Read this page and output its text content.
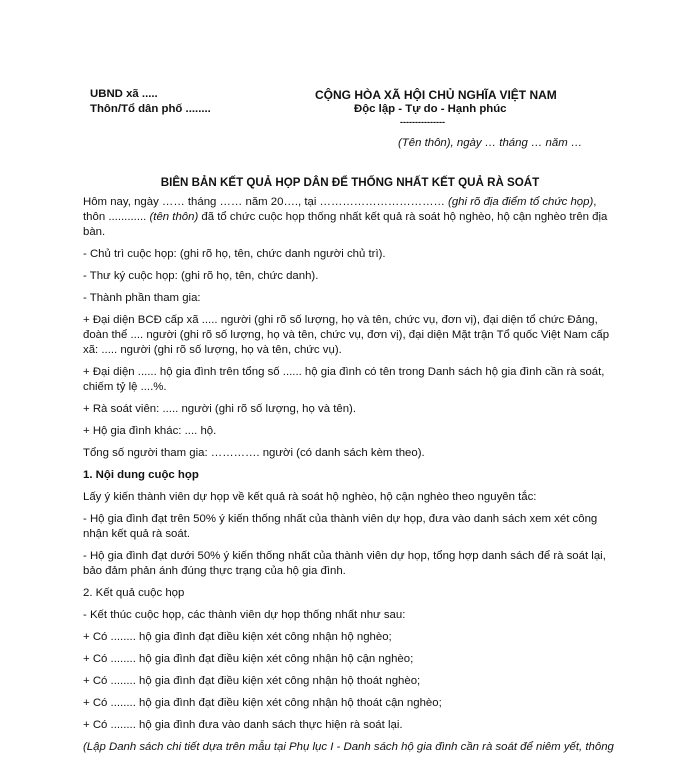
UBND xã .....
Thôn/Tổ dân phố ........
CỘNG HÒA XÃ HỘI CHỦ NGHĨA VIỆT NAM
Độc lập - Tự do - Hạnh phúc
---------------
(Tên thôn), ngày … tháng … năm …
BIÊN BẢN KẾT QUẢ HỌP DÂN ĐỂ THỐNG NHẤT KẾT QUẢ RÀ SOÁT

Hôm nay, ngày …… tháng …… năm 20…., tại …………………………… (ghi rõ địa điểm tổ chức họp), thôn ............ (tên thôn) đã tổ chức cuộc họp thống nhất kết quả rà soát hộ nghèo, hộ cận nghèo trên địa bàn.

- Chủ trì cuộc họp: (ghi rõ họ, tên, chức danh người chủ trì).

- Thư ký cuộc họp: (ghi rõ họ, tên, chức danh).

- Thành phần tham gia:

+ Đại diện BCĐ cấp xã ..... người (ghi rõ số lượng, họ và tên, chức vụ, đơn vị), đại diện tổ chức Đảng, đoàn thể .... người (ghi rõ số lượng, họ và tên, chức vụ, đơn vị), đại diện Mặt trận Tổ quốc Việt Nam cấp xã: ..... người (ghi rõ số lượng, họ và tên, chức vụ).

+ Đại diện ...... hộ gia đình trên tổng số ...... hộ gia đình có tên trong Danh sách hộ gia đình cần rà soát, chiếm tỷ lệ ....%.

+ Rà soát viên: ..... người (ghi rõ số lượng, họ và tên).

+ Hộ gia đình khác: .... hộ.

Tổng số người tham gia: …………. người (có danh sách kèm theo).

1. Nội dung cuộc họp

Lấy ý kiến thành viên dự họp về kết quả rà soát hộ nghèo, hộ cận nghèo theo nguyên tắc:

- Hộ gia đình đạt trên 50% ý kiến thống nhất của thành viên dự họp, đưa vào danh sách xem xét công nhận kết quả rà soát.

- Hộ gia đình đạt dưới 50% ý kiến thống nhất của thành viên dự họp, tổng hợp danh sách để rà soát lại, bảo đảm phản ánh đúng thực trạng của hộ gia đình.

2. Kết quả cuộc họp

- Kết thúc cuộc họp, các thành viên dự họp thống nhất như sau:

+ Có ........ hộ gia đình đạt điều kiện xét công nhận hộ nghèo;

+ Có ........ hộ gia đình đạt điều kiện xét công nhận hộ cận nghèo;

+ Có ........ hộ gia đình đạt điều kiện xét công nhận hộ thoát nghèo;

+ Có ........ hộ gia đình đạt điều kiện xét công nhận hộ thoát cận nghèo;

+ Có ........ hộ gia đình đưa vào danh sách thực hiện rà soát lại.

(Lập Danh sách chi tiết dựa trên mẫu tại Phụ lục I - Danh sách hộ gia đình cần rà soát để niêm yết, thông
